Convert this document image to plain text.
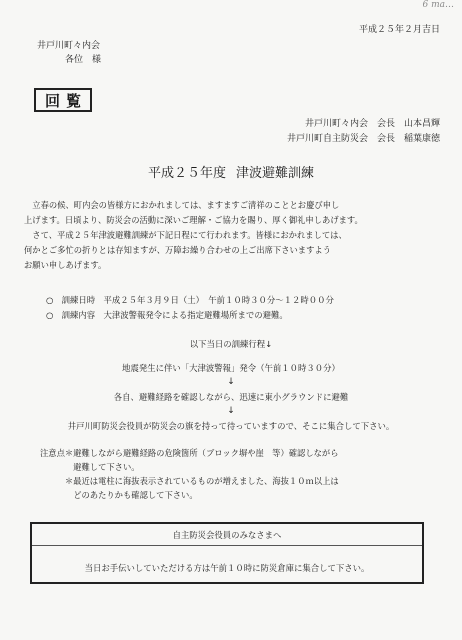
6 ma…
平成２５年２月吉日
井戸川町々内会
各位　様
回覧
井戸川町々内会　会長　山本昌輝
井戸川町自主防災会　会長　稲葉康徳
平成２５年度 津波避難訓練
　立春の候、町内会の皆様方におかれましては、ますますご清祥のこととお慶び申し
上げます。日頃より、防災会の活動に深いご理解・ご協力を賜り、厚く御礼申しあげます。
　さて、平成２５年津波避難訓練が下記日程にて行われます。皆様におかれましては、
何かとご多忙の折りとは存知ますが、万障お繰り合わせの上ご出席下さいますよう
お願い申しあげます。
○　訓練日時　平成２５年３月９日（土）　午前１０時３０分～１２時００分
○　訓練内容　大津波警報発令による指定避難場所までの避難。
以下当日の訓練行程↓
地震発生に伴い「大津波警報」発令（午前１０時３０分）
↓
各自、避難経路を確認しながら、迅速に東小グラウンドに避難
↓
井戸川町防災会役員が防災会の旗を持って待っていますので、そこに集合して下さい。
注意点＊避難しながら避難経路の危険箇所（ブロック塀や崖　等）確認しながら
　　　　避難して下さい。
　　　＊最近は電柱に海抜表示されているものが増えました、海抜１０ｍ以上は
　　　　どのあたりかも確認して下さい。
自主防災会役員のみなさまへ
当日お手伝いしていただける方は午前１０時に防災倉庫に集合して下さい。
